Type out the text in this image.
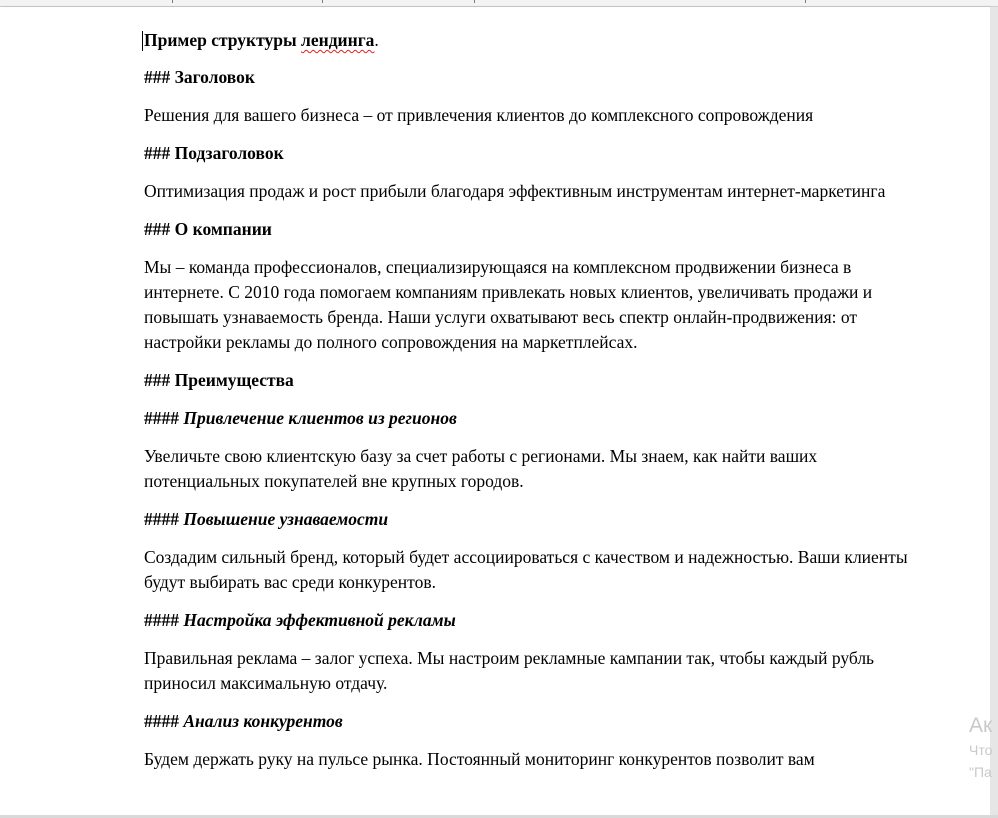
Пример структуры лендинга.
### Заголовок
Решения для вашего бизнеса – от привлечения клиентов до комплексного сопровождения
### Подзаголовок
Оптимизация продаж и рост прибыли благодаря эффективным инструментам интернет-маркетинга
### О компании
Мы – команда профессионалов, специализирующаяся на комплексном продвижении бизнеса в интернете. С 2010 года помогаем компаниям привлекать новых клиентов, увеличивать продажи и повышать узнаваемость бренда. Наши услуги охватывают весь спектр онлайн-продвижения: от настройки рекламы до полного сопровождения на маркетплейсах.
### Преимущества
#### Привлечение клиентов из регионов
Увеличьте свою клиентскую базу за счет работы с регионами. Мы знаем, как найти ваших потенциальных покупателей вне крупных городов.
#### Повышение узнаваемости
Создадим сильный бренд, который будет ассоциироваться с качеством и надежностью. Ваши клиенты будут выбирать вас среди конкурентов.
#### Настройка эффективной рекламы
Правильная реклама – залог успеха. Мы настроим рекламные кампании так, чтобы каждый рубль приносил максимальную отдачу.
#### Анализ конкурентов
Будем держать руку на пульсе рынка. Постоянный мониторинг конкурентов позволит вам
Ак
Что
"Па
